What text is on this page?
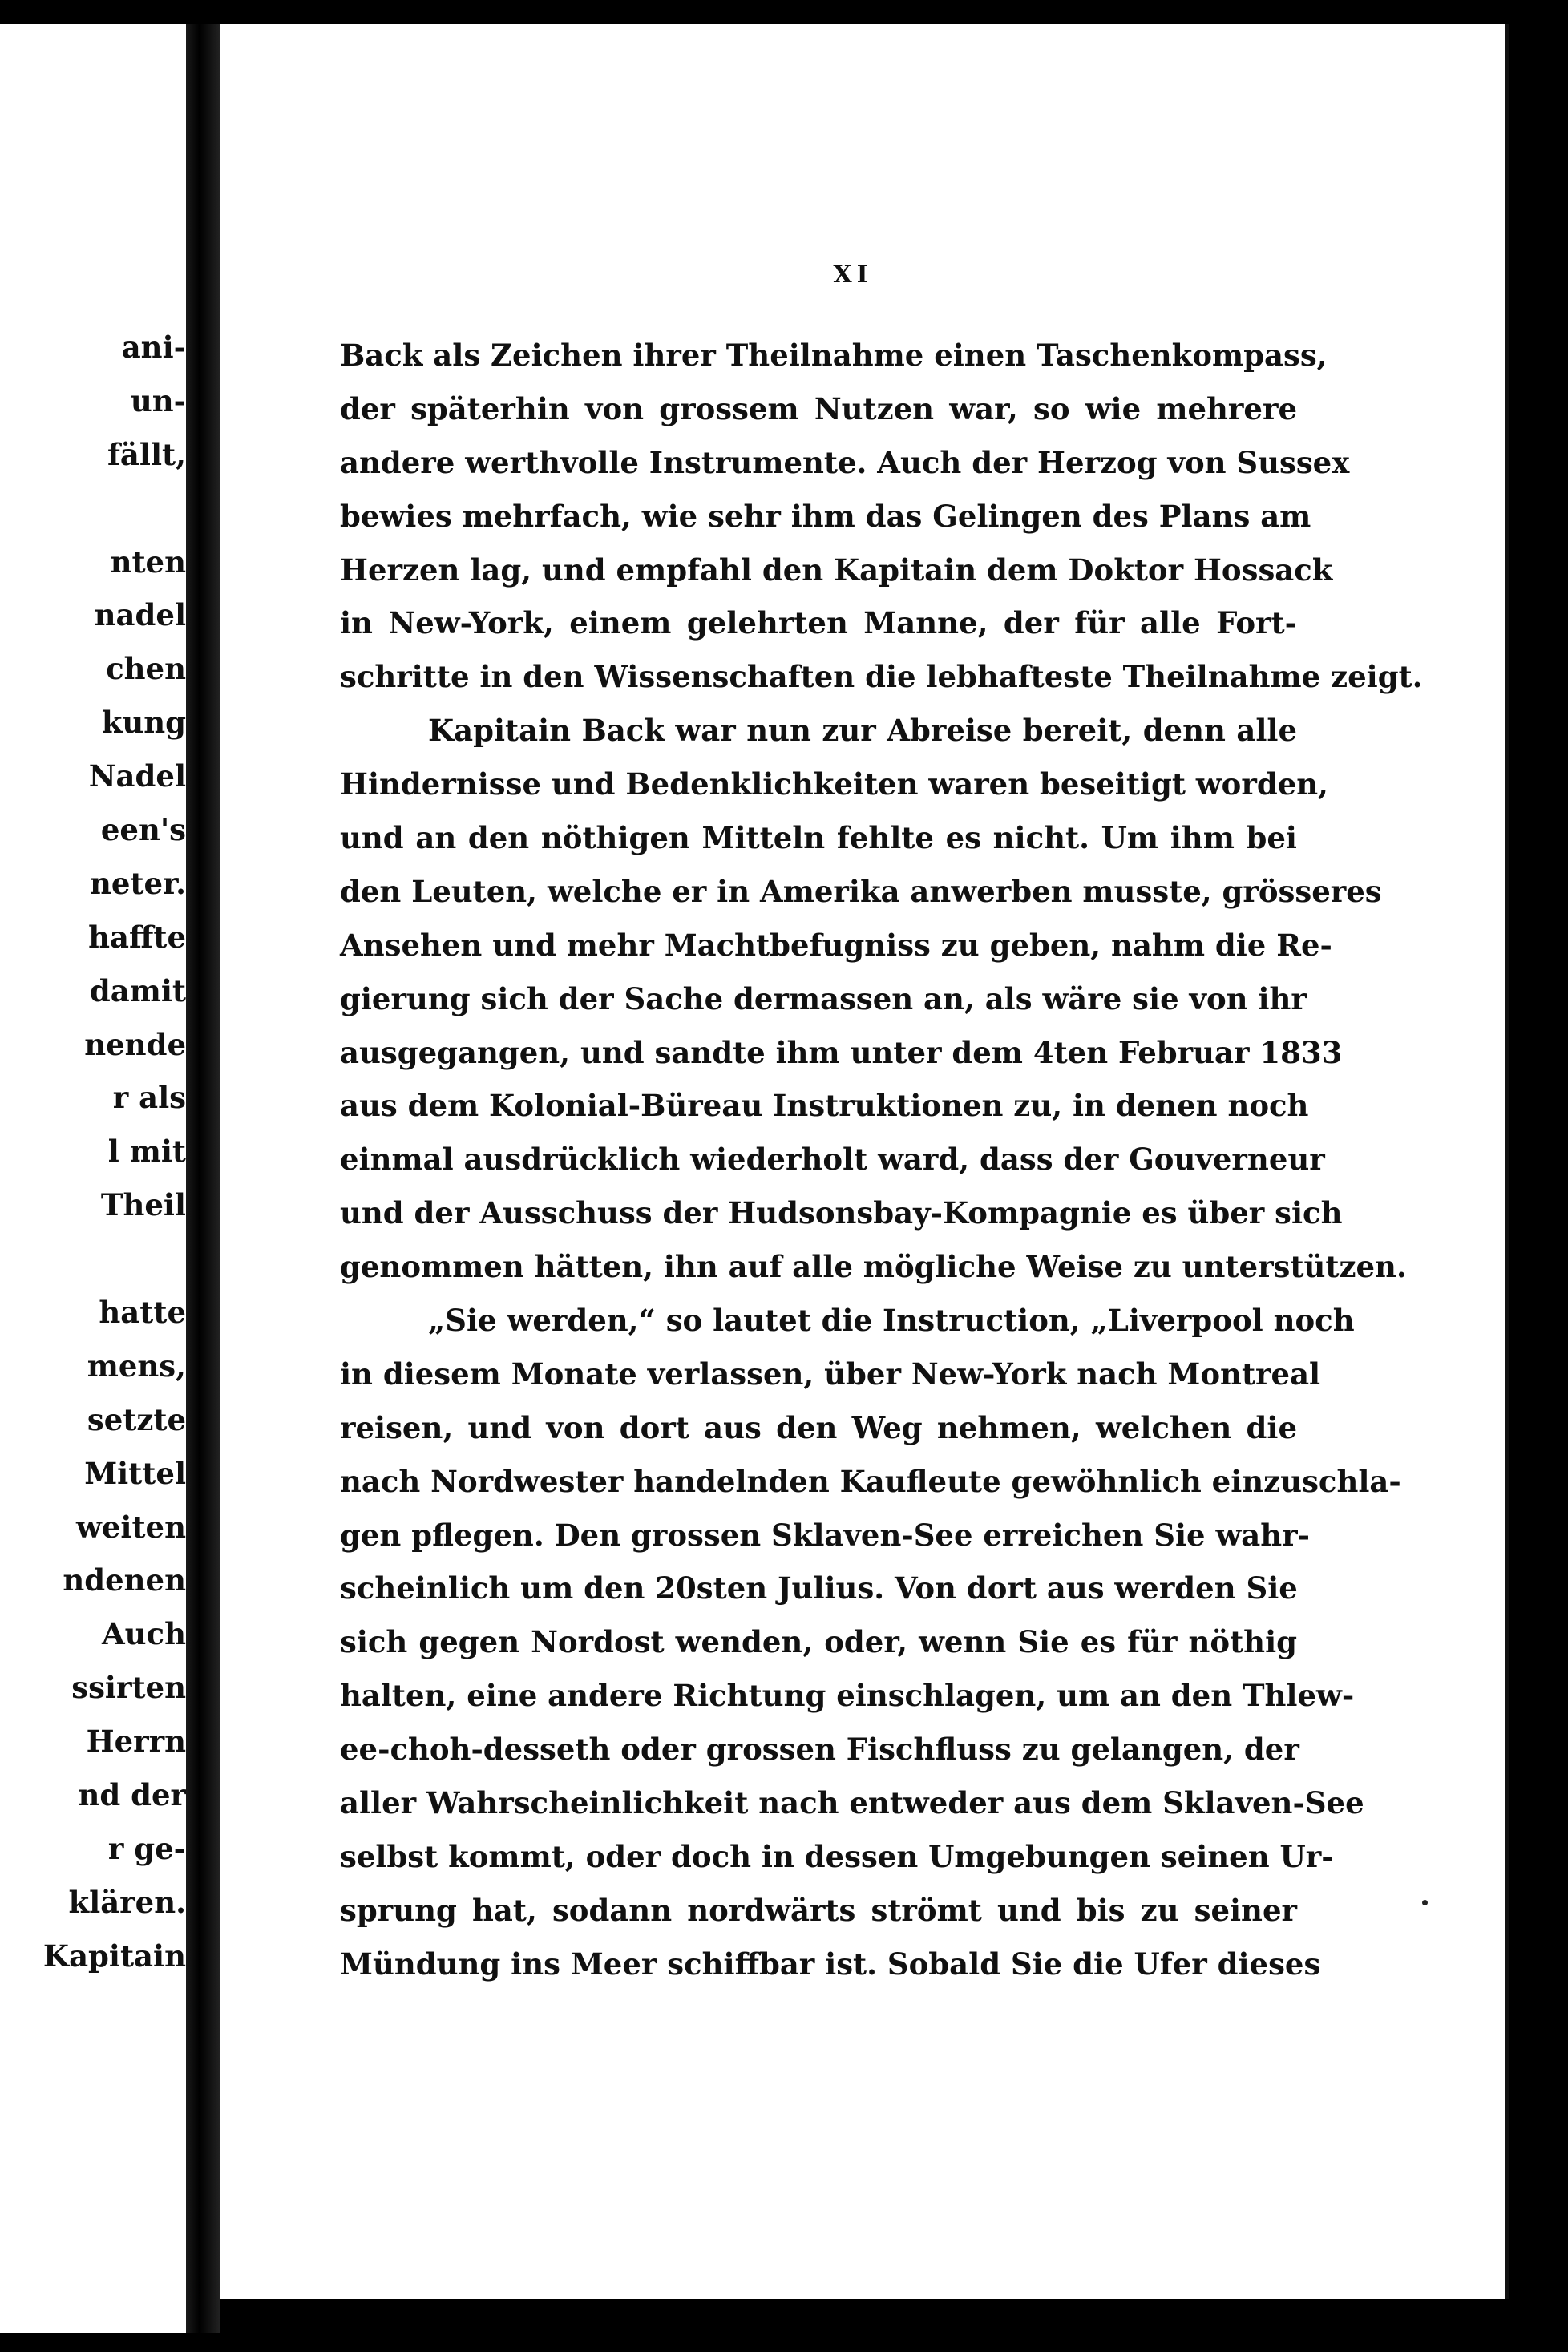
ani-
un-
fällt,
nten
nadel
chen
kung
Nadel
een's
neter.
haffte
damit
nende
r als
l mit
Theil
hatte
mens,
setzte
Mittel
weiten
ndenen
Auch
ssirten
Herrn
nd der
r ge-
klären.
Kapitain
XI
Back als Zeichen ihrer Theilnahme einen Taschenkompass,
der späterhin von grossem Nutzen war, so wie mehrere
andere werthvolle Instrumente. Auch der Herzog von Sussex
bewies mehrfach, wie sehr ihm das Gelingen des Plans am
Herzen lag, und empfahl den Kapitain dem Doktor Hossack
in New-York, einem gelehrten Manne, der für alle Fort-
schritte in den Wissenschaften die lebhafteste Theilnahme zeigt.
Kapitain Back war nun zur Abreise bereit, denn alle
Hindernisse und Bedenklichkeiten waren beseitigt worden,
und an den nöthigen Mitteln fehlte es nicht. Um ihm bei
den Leuten, welche er in Amerika anwerben musste, grösseres
Ansehen und mehr Machtbefugniss zu geben, nahm die Re-
gierung sich der Sache dermassen an, als wäre sie von ihr
ausgegangen, und sandte ihm unter dem 4ten Februar 1833
aus dem Kolonial-Büreau Instruktionen zu, in denen noch
einmal ausdrücklich wiederholt ward, dass der Gouverneur
und der Ausschuss der Hudsonsbay-Kompagnie es über sich
genommen hätten, ihn auf alle mögliche Weise zu unterstützen.
„Sie werden,“ so lautet die Instruction, „Liverpool noch
in diesem Monate verlassen, über New-York nach Montreal
reisen, und von dort aus den Weg nehmen, welchen die
nach Nordwester handelnden Kaufleute gewöhnlich einzuschla-
gen pflegen. Den grossen Sklaven-See erreichen Sie wahr-
scheinlich um den 20sten Julius. Von dort aus werden Sie
sich gegen Nordost wenden, oder, wenn Sie es für nöthig
halten, eine andere Richtung einschlagen, um an den Thlew-
ee-choh-desseth oder grossen Fischfluss zu gelangen, der
aller Wahrscheinlichkeit nach entweder aus dem Sklaven-See
selbst kommt, oder doch in dessen Umgebungen seinen Ur-
sprung hat, sodann nordwärts strömt und bis zu seiner
Mündung ins Meer schiffbar ist. Sobald Sie die Ufer dieses
